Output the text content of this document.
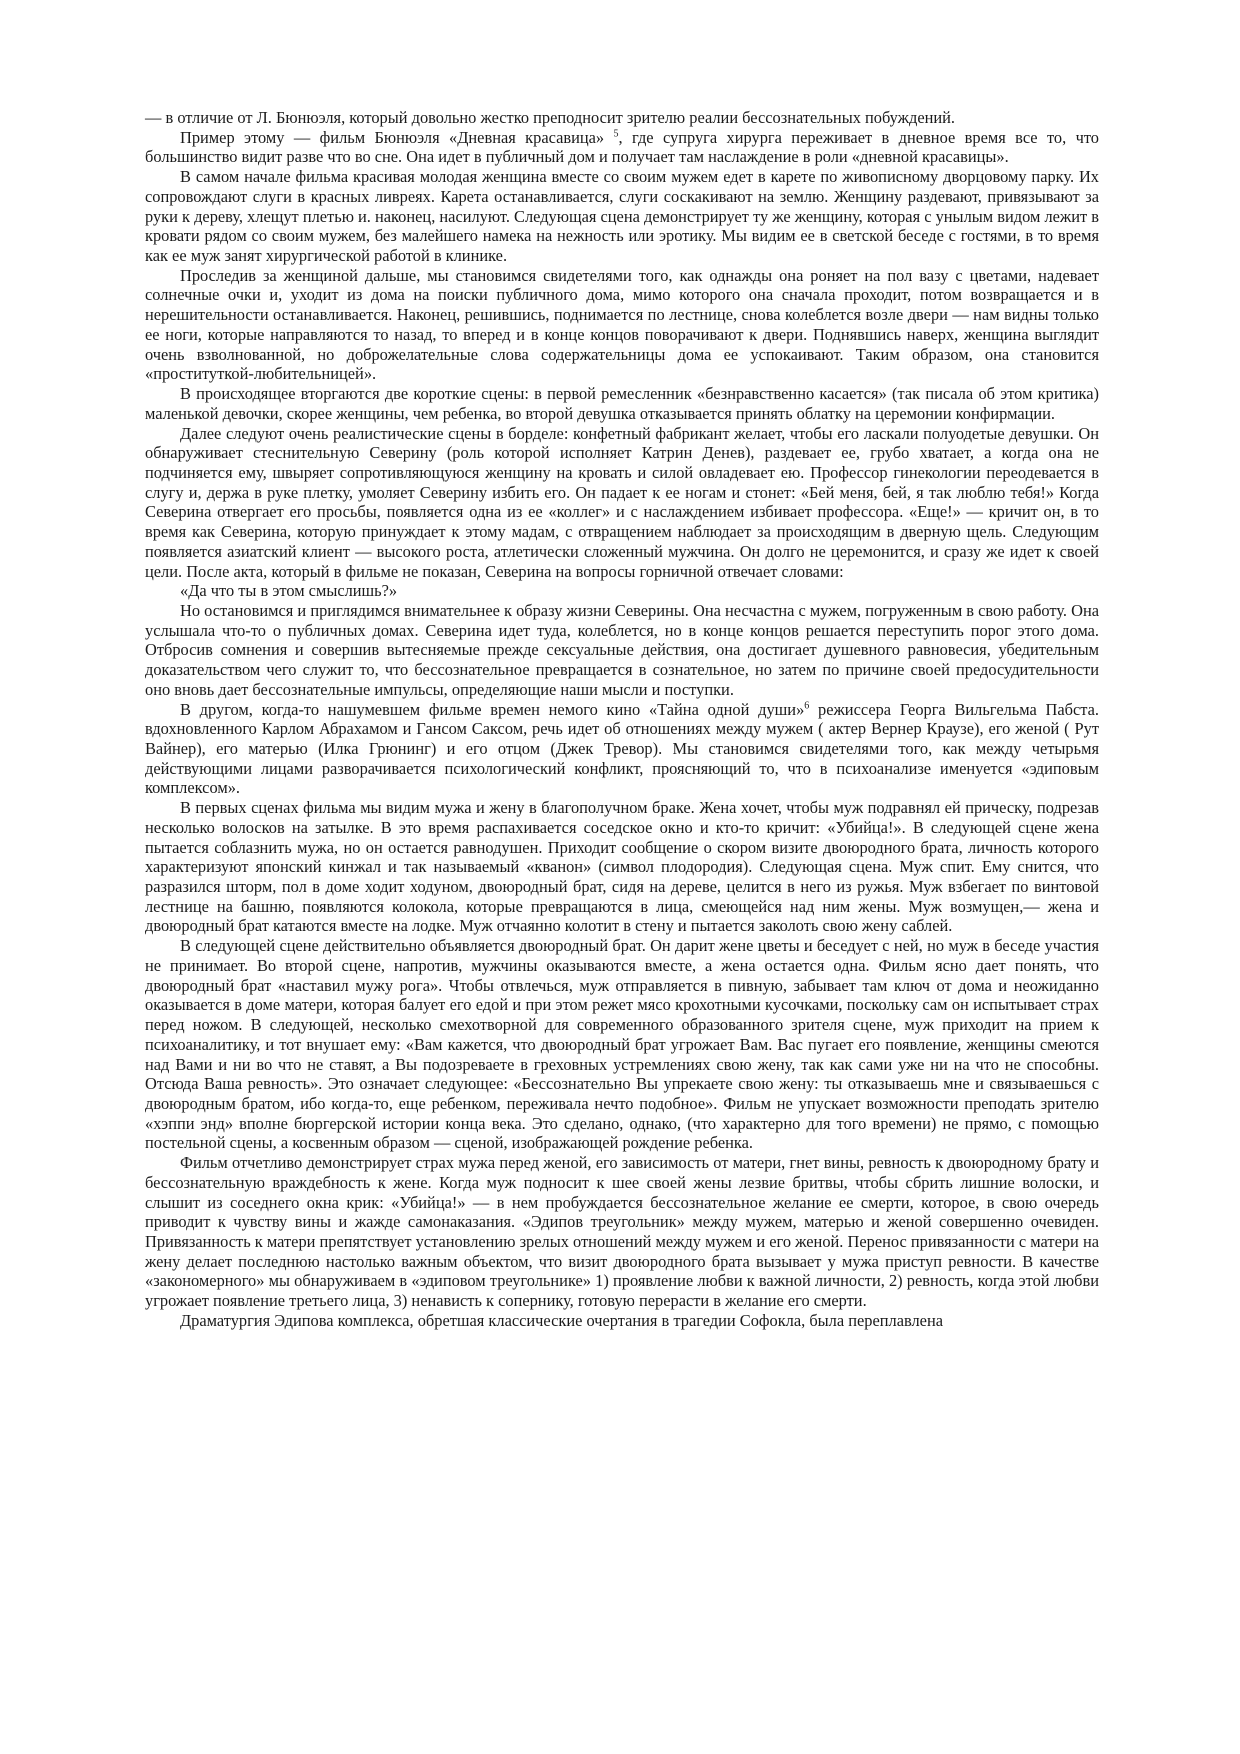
— в отличие от Л. Бюнюэля, который довольно жестко преподносит зрителю реалии бессознательных побуждений.

Пример этому — фильм Бюнюэля «Дневная красавица» $^5$, где супруга хирурга переживает в дневное время все то, что большинство видит разве что во сне. Она идет в публичный дом и получает там наслаждение в роли «дневной красавицы».

В самом начале фильма красивая молодая женщина вместе со своим мужем едет в карете по живописному дворцовому парку. Их сопровождают слуги в красных ливреях. Карета останавливается, слуги соскакивают на землю. Женщину раздевают, привязывают за руки к дереву, хлещут плетью и. наконец, насилуют. Следующая сцена демонстрирует ту же женщину, которая с унылым видом лежит в кровати рядом со своим мужем, без малейшего намека на нежность или эротику. Мы видим ее в светской беседе с гостями, в то время как ее муж занят хирургической работой в клинике.

Проследив за женщиной дальше, мы становимся свидетелями того, как однажды она роняет на пол вазу с цветами, надевает солнечные очки и, уходит из дома на поиски публичного дома, мимо которого она сначала проходит, потом возвращается и в нерешительности останавливается. Наконец, решившись, поднимается по лестнице, снова колеблется возле двери — нам видны только ее ноги, которые направляются то назад, то вперед и в конце концов поворачивают к двери. Поднявшись наверх, женщина выглядит очень взволнованной, но доброжелательные слова содержательницы дома ее успокаивают. Таким образом, она становится «проституткой-любительницей».

В происходящее вторгаются две короткие сцены: в первой ремесленник «безнравственно касается» (так писала об этом критика) маленькой девочки, скорее женщины, чем ребенка, во второй девушка отказывается принять облатку на церемонии конфирмации.

Далее следуют очень реалистические сцены в борделе: конфетный фабрикант желает, чтобы его ласкали полуодетые девушки. Он обнаруживает стеснительную Северину (роль которой исполняет Катрин Денев), раздевает ее, грубо хватает, а когда она не подчиняется ему, швыряет сопротивляющуюся женщину на кровать и силой овладевает ею. Профессор гинекологии переодевается в слугу и, держа в руке плетку, умоляет Северину избить его. Он падает к ее ногам и стонет: «Бей меня, бей, я так люблю тебя!» Когда Северина отвергает его просьбы, появляется одна из ее «коллег» и с наслаждением избивает профессора. «Еще!» — кричит он, в то время как Северина, которую принуждает к этому мадам, с отвращением наблюдает за происходящим в дверную щель. Следующим появляется азиатский клиент — высокого роста, атлетически сложенный мужчина. Он долго не церемонится, и сразу же идет к своей цели. После акта, который в фильме не показан, Северина на вопросы горничной отвечает словами:

«Да что ты в этом смыслишь?»

Но остановимся и приглядимся внимательнее к образу жизни Северины. Она несчастна с мужем, погруженным в свою работу. Она услышала что-то о публичных домах. Северина идет туда, колеблется, но в конце концов решается переступить порог этого дома. Отбросив сомнения и совершив вытесняемые прежде сексуальные действия, она достигает душевного равновесия, убедительным доказательством чего служит то, что бессознательное превращается в сознательное, но затем по причине своей предосудительности оно вновь дает бессознательные импульсы, определяющие наши мысли и поступки.

В другом, когда-то нашумевшем фильме времен немого кино «Тайна одной души»$^6$ режиссера Георга Вильгельма Пабста. вдохновленного Карлом Абрахамом и Гансом Саксом, речь идет об отношениях между мужем ( актер Вернер Краузе), его женой ( Рут Вайнер), его матерью (Илка Грюнинг) и его отцом (Джек Тревор). Мы становимся свидетелями того, как между четырьмя действующими лицами разворачивается психологический конфликт, проясняющий то, что в психоанализе именуется «эдиповым комплексом».

В первых сценах фильма мы видим мужа и жену в благополучном браке. Жена хочет, чтобы муж подравнял ей прическу, подрезав несколько волосков на затылке. В это время распахивается соседское окно и кто-то кричит: «Убийца!». В следующей сцене жена пытается соблазнить мужа, но он остается равнодушен. Приходит сообщение о скором визите двоюродного брата, личность которого характеризуют японский кинжал и так называемый «кванон» (символ плодородия). Следующая сцена. Муж спит. Ему снится, что разразился шторм, пол в доме ходит ходуном, двоюродный брат, сидя на дереве, целится в него из ружья. Муж взбегает по винтовой лестнице на башню, появляются колокола, которые превращаются в лица, смеющейся над ним жены. Муж возмущен,— жена и двоюродный брат катаются вместе на лодке. Муж отчаянно колотит в стену и пытается заколоть свою жену саблей.

В следующей сцене действительно объявляется двоюродный брат. Он дарит жене цветы и беседует с ней, но муж в беседе участия не принимает. Во второй сцене, напротив, мужчины оказываются вместе, а жена остается одна. Фильм ясно дает понять, что двоюродный брат «наставил мужу рога». Чтобы отвлечься, муж отправляется в пивную, забывает там ключ от дома и неожиданно оказывается в доме матери, которая балует его едой и при этом режет мясо крохотными кусочками, поскольку сам он испытывает страх перед ножом. В следующей, несколько смехотворной для современного образованного зрителя сцене, муж приходит на прием к психоаналитику, и тот внушает ему: «Вам кажется, что двоюродный брат угрожает Вам. Вас пугает его появление, женщины смеются над Вами и ни во что не ставят, а Вы подозреваете в греховных устремлениях свою жену, так как сами уже ни на что не способны. Отсюда Ваша ревность». Это означает следующее: «Бессознательно Вы упрекаете свою жену: ты отказываешь мне и связываешься с двоюродным братом, ибо когда-то, еще ребенком, переживала нечто подобное». Фильм не упускает возможности преподать зрителю «хэппи энд» вполне бюргерской истории конца века. Это сделано, однако, (что характерно для того времени) не прямо, с помощью постельной сцены, а косвенным образом — сценой, изображающей рождение ребенка.

Фильм отчетливо демонстрирует страх мужа перед женой, его зависимость от матери, гнет вины, ревность к двоюродному брату и бессознательную враждебность к жене. Когда муж подносит к шее своей жены лезвие бритвы, чтобы сбрить лишние волоски, и слышит из соседнего окна крик: «Убийца!» — в нем пробуждается бессознательное желание ее смерти, которое, в свою очередь приводит к чувству вины и жажде самонаказания. «Эдипов треугольник» между мужем, матерью и женой совершенно очевиден. Привязанность к матери препятствует установлению зрелых отношений между мужем и его женой. Перенос привязанности с матери на жену делает последнюю настолько важным объектом, что визит двоюродного брата вызывает у мужа приступ ревности. В качестве «закономерного» мы обнаруживаем в «эдиповом треугольнике» 1) проявление любви к важной личности, 2) ревность, когда этой любви угрожает появление третьего лица, 3) ненависть к сопернику, готовую перерасти в желание его смерти.

Драматургия Эдипова комплекса, обретшая классические очертания в трагедии Софокла, была переплавлена
